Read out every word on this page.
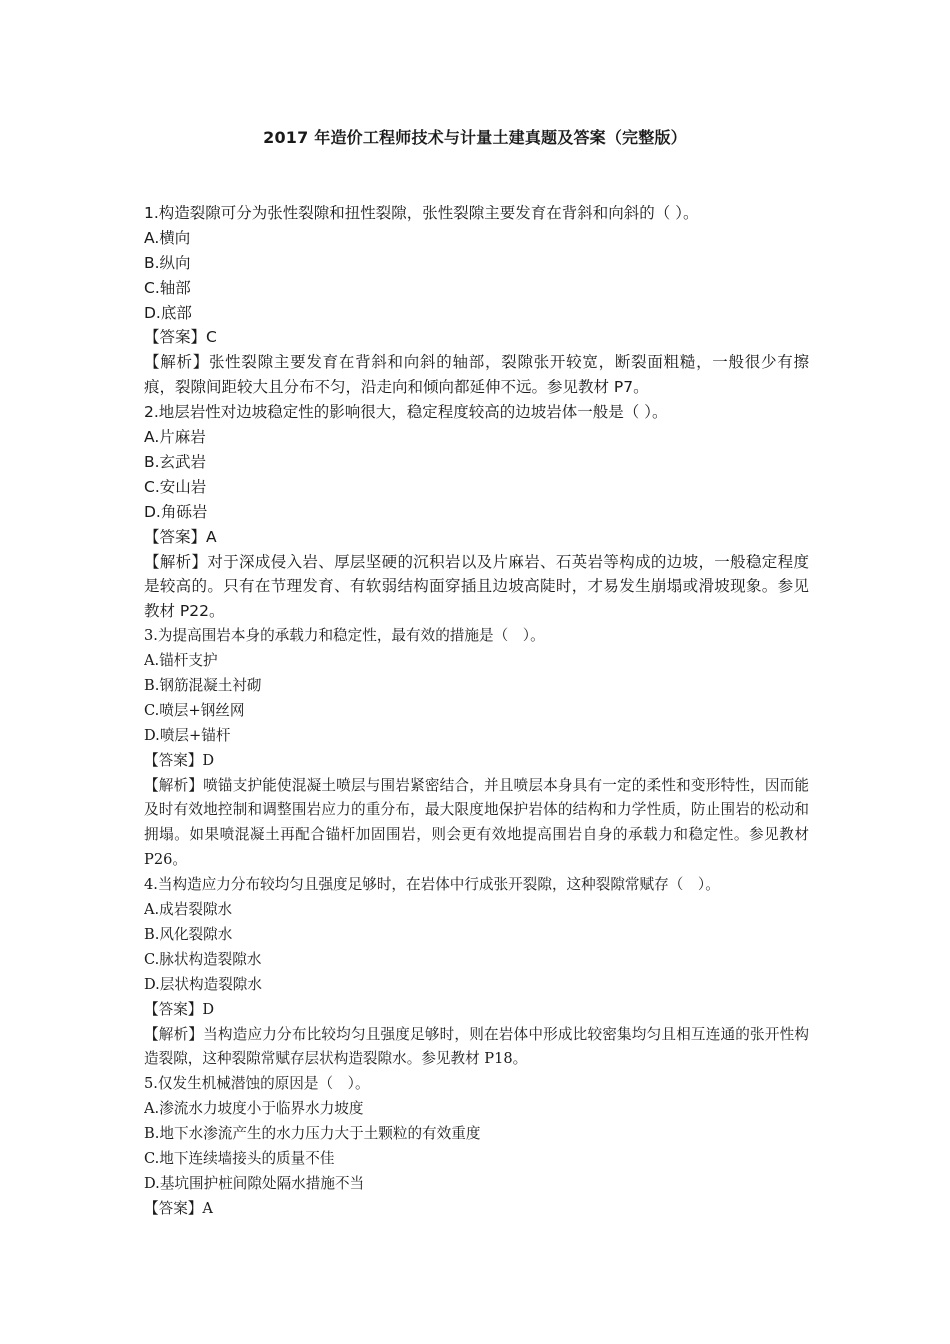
2017 年造价工程师技术与计量土建真题及答案（完整版）
1.构造裂隙可分为张性裂隙和扭性裂隙，张性裂隙主要发育在背斜和向斜的（ ）。
A.横向
B.纵向
C.轴部
D.底部
【答案】C
【解析】张性裂隙主要发育在背斜和向斜的轴部，裂隙张开较宽，断裂面粗糙，一般很少有擦痕，裂隙间距较大且分布不匀，沿走向和倾向都延伸不远。参见教材 P7。
2.地层岩性对边坡稳定性的影响很大，稳定程度较高的边坡岩体一般是（ ）。
A.片麻岩
B.玄武岩
C.安山岩
D.角砾岩
【答案】A
【解析】对于深成侵入岩、厚层坚硬的沉积岩以及片麻岩、石英岩等构成的边坡，一般稳定程度是较高的。只有在节理发育、有软弱结构面穿插且边坡高陡时，才易发生崩塌或滑坡现象。参见教材 P22。
3.为提高围岩本身的承载力和稳定性，最有效的措施是（　）。
A.锚杆支护
B.钢筋混凝土衬砌
C.喷层+钢丝网
D.喷层+锚杆
【答案】D
【解析】喷锚支护能使混凝土喷层与围岩紧密结合，并且喷层本身具有一定的柔性和变形特性，因而能及时有效地控制和调整围岩应力的重分布，最大限度地保护岩体的结构和力学性质，防止围岩的松动和拥塌。如果喷混凝土再配合锚杆加固围岩，则会更有效地提高围岩自身的承载力和稳定性。参见教材 P26。
4.当构造应力分布较均匀且强度足够时，在岩体中行成张开裂隙，这种裂隙常赋存（　）。
A.成岩裂隙水
B.风化裂隙水
C.脉状构造裂隙水
D.层状构造裂隙水
【答案】D
【解析】当构造应力分布比较均匀且强度足够时，则在岩体中形成比较密集均匀且相互连通的张开性构造裂隙，这种裂隙常赋存层状构造裂隙水。参见教材 P18。
5.仅发生机械潜蚀的原因是（　）。
A.渗流水力坡度小于临界水力坡度
B.地下水渗流产生的水力压力大于土颗粒的有效重度
C.地下连续墙接头的质量不佳
D.基坑围护桩间隙处隔水措施不当
【答案】A
